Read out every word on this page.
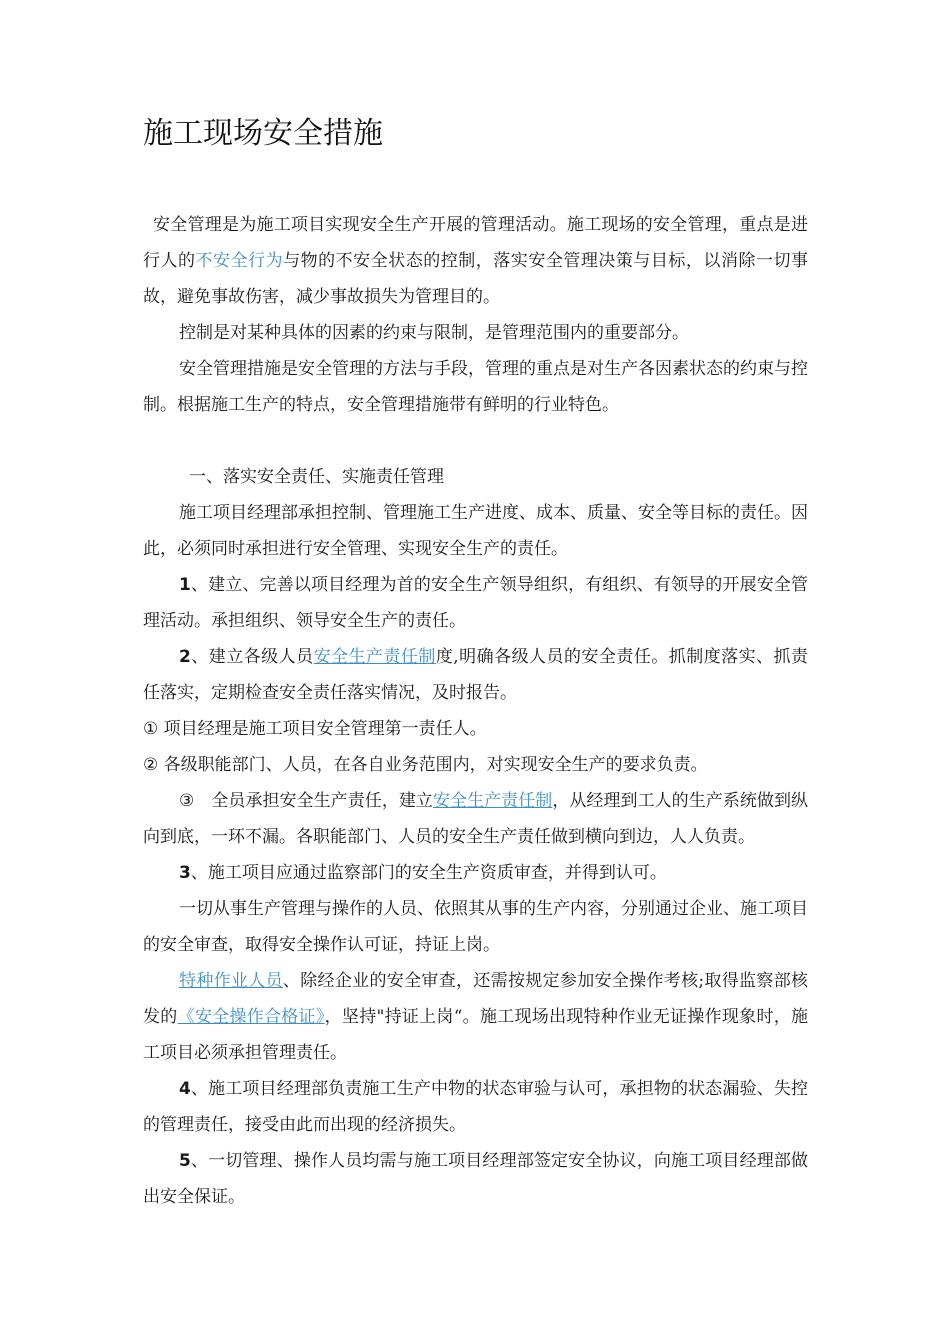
施工现场安全措施

安全管理是为施工项目实现安全生产开展的管理活动。施工现场的安全管理，重点是进行人的不安全行为与物的不安全状态的控制，落实安全管理决策与目标，以消除一切事故，避免事故伤害，减少事故损失为管理目的。

控制是对某种具体的因素的约束与限制，是管理范围内的重要部分。

安全管理措施是安全管理的方法与手段，管理的重点是对生产各因素状态的约束与控制。根据施工生产的特点，安全管理措施带有鲜明的行业特色。

一、落实安全责任、实施责任管理

施工项目经理部承担控制、管理施工生产进度、成本、质量、安全等目标的责任。因此，必须同时承担进行安全管理、实现安全生产的责任。

1、建立、完善以项目经理为首的安全生产领导组织，有组织、有领导的开展安全管理活动。承担组织、领导安全生产的责任。

2、建立各级人员安全生产责任制度,明确各级人员的安全责任。抓制度落实、抓责任落实，定期检查安全责任落实情况，及时报告。

① 项目经理是施工项目安全管理第一责任人。

② 各级职能部门、人员，在各自业务范围内，对实现安全生产的要求负责。

③　全员承担安全生产责任，建立安全生产责任制，从经理到工人的生产系统做到纵向到底，一环不漏。各职能部门、人员的安全生产责任做到横向到边，人人负责。

3、施工项目应通过监察部门的安全生产资质审查，并得到认可。

一切从事生产管理与操作的人员、依照其从事的生产内容，分别通过企业、施工项目的安全审查，取得安全操作认可证，持证上岗。

特种作业人员、除经企业的安全审查，还需按规定参加安全操作考核;取得监察部核发的《安全操作合格证》，坚持"持证上岗“。施工现场出现特种作业无证操作现象时，施工项目必须承担管理责任。

4、施工项目经理部负责施工生产中物的状态审验与认可，承担物的状态漏验、失控的管理责任，接受由此而出现的经济损失。

5、一切管理、操作人员均需与施工项目经理部签定安全协议，向施工项目经理部做出安全保证。
